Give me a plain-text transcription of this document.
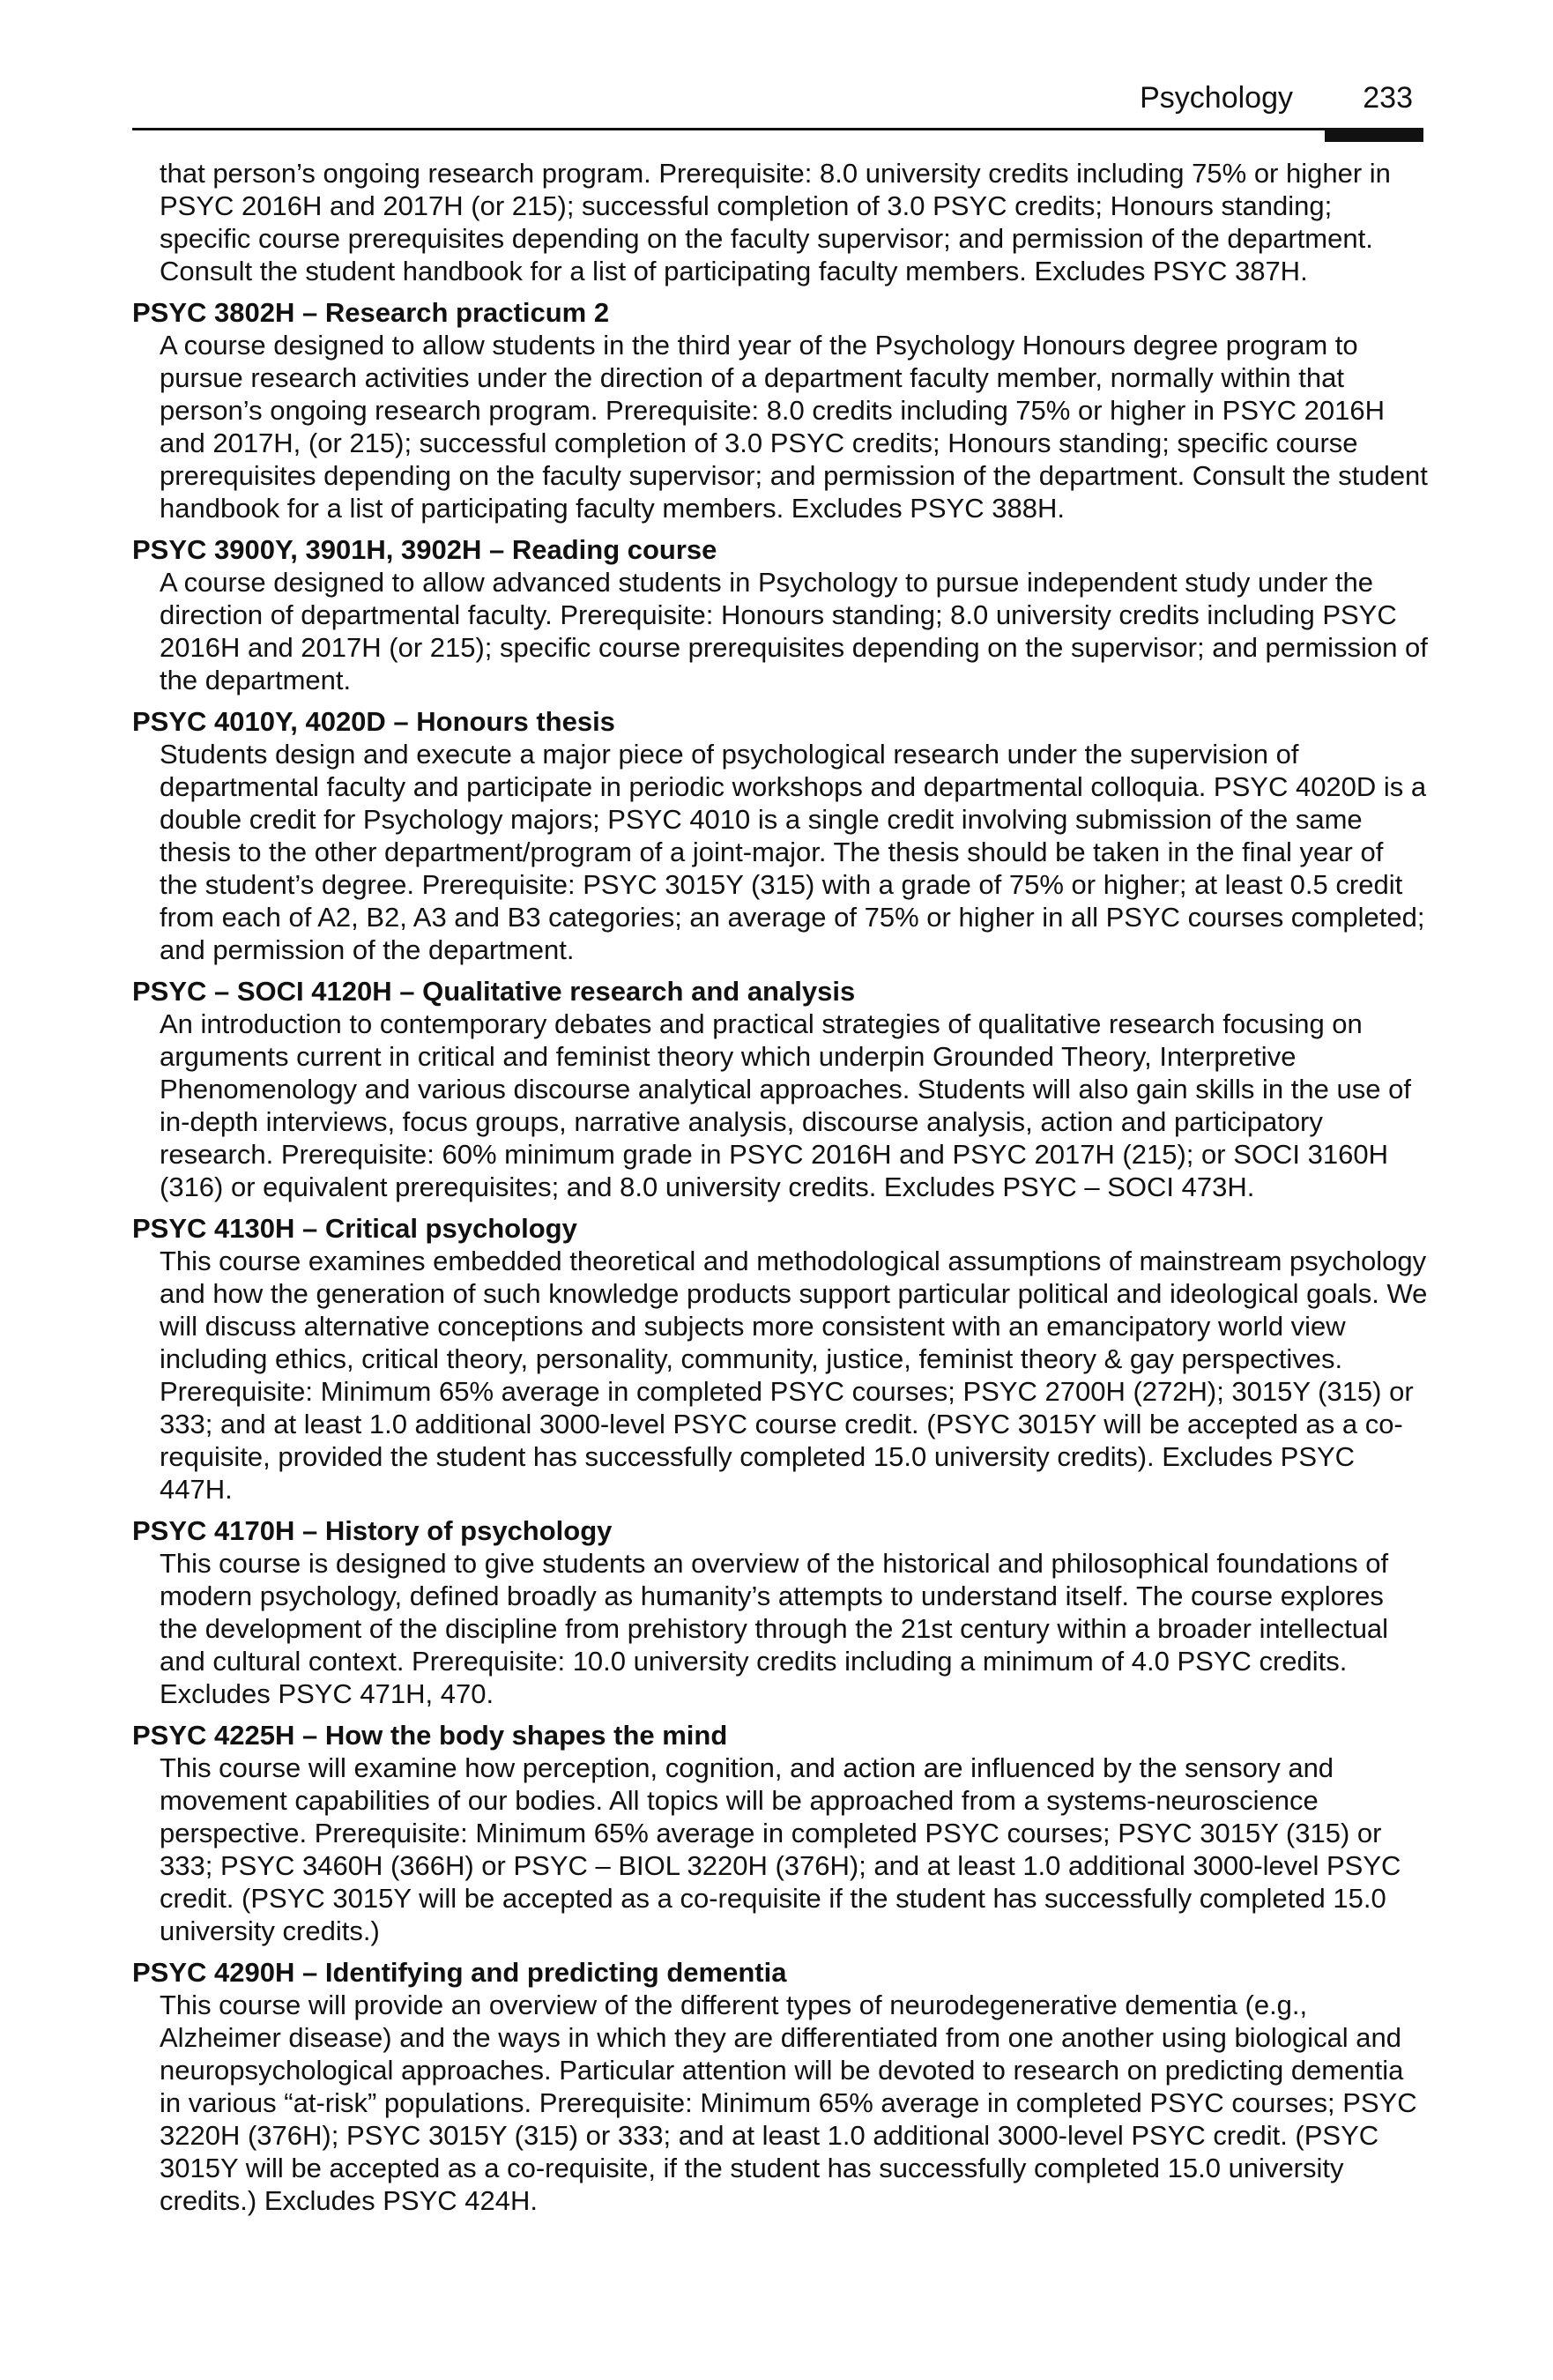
Psychology 233
that person’s ongoing research program. Prerequisite: 8.0 university credits including 75% or higher in PSYC 2016H and 2017H (or 215); successful completion of 3.0 PSYC credits; Honours standing; specific course prerequisites depending on the faculty supervisor; and permission of the department. Consult the student handbook for a list of participating faculty members. Excludes PSYC 387H.
PSYC 3802H – Research practicum 2
A course designed to allow students in the third year of the Psychology Honours degree program to pursue research activities under the direction of a department faculty member, normally within that person’s ongoing research program. Prerequisite: 8.0 credits including 75% or higher in PSYC 2016H and 2017H, (or 215); successful completion of 3.0 PSYC credits; Honours standing; specific course prerequisites depending on the faculty supervisor; and permission of the department. Consult the student handbook for a list of participating faculty members. Excludes PSYC 388H.
PSYC 3900Y, 3901H, 3902H – Reading course
A course designed to allow advanced students in Psychology to pursue independent study under the direction of departmental faculty. Prerequisite: Honours standing; 8.0 university credits including PSYC 2016H and 2017H (or 215); specific course prerequisites depending on the supervisor; and permission of the department.
PSYC 4010Y, 4020D – Honours thesis
Students design and execute a major piece of psychological research under the supervision of departmental faculty and participate in periodic workshops and departmental colloquia. PSYC 4020D is a double credit for Psychology majors; PSYC 4010 is a single credit involving submission of the same thesis to the other department/program of a joint-major. The thesis should be taken in the final year of the student’s degree. Prerequisite: PSYC 3015Y (315) with a grade of 75% or higher; at least 0.5 credit from each of A2, B2, A3 and B3 categories; an average of 75% or higher in all PSYC courses completed; and permission of the department.
PSYC – SOCI 4120H – Qualitative research and analysis
An introduction to contemporary debates and practical strategies of qualitative research focusing on arguments current in critical and feminist theory which underpin Grounded Theory, Interpretive Phenomenology and various discourse analytical approaches. Students will also gain skills in the use of in-depth interviews, focus groups, narrative analysis, discourse analysis, action and participatory research. Prerequisite: 60% minimum grade in PSYC 2016H and PSYC 2017H (215); or SOCI 3160H (316) or equivalent prerequisites; and 8.0 university credits. Excludes PSYC – SOCI 473H.
PSYC 4130H – Critical psychology
This course examines embedded theoretical and methodological assumptions of mainstream psychology and how the generation of such knowledge products support particular political and ideological goals. We will discuss alternative conceptions and subjects more consistent with an emancipatory world view including ethics, critical theory, personality, community, justice, feminist theory & gay perspectives. Prerequisite: Minimum 65% average in completed PSYC courses; PSYC 2700H (272H); 3015Y (315) or 333; and at least 1.0 additional 3000-level PSYC course credit. (PSYC 3015Y will be accepted as a co-requisite, provided the student has successfully completed 15.0 university credits). Excludes PSYC 447H.
PSYC 4170H – History of psychology
This course is designed to give students an overview of the historical and philosophical foundations of modern psychology, defined broadly as humanity’s attempts to understand itself. The course explores the development of the discipline from prehistory through the 21st century within a broader intellectual and cultural context. Prerequisite: 10.0 university credits including a minimum of 4.0 PSYC credits. Excludes PSYC 471H, 470.
PSYC 4225H – How the body shapes the mind
This course will examine how perception, cognition, and action are influenced by the sensory and movement capabilities of our bodies. All topics will be approached from a systems-neuroscience perspective. Prerequisite: Minimum 65% average in completed PSYC courses; PSYC 3015Y (315) or 333; PSYC 3460H (366H) or PSYC – BIOL 3220H (376H); and at least 1.0 additional 3000-level PSYC credit. (PSYC 3015Y will be accepted as a co-requisite if the student has successfully completed 15.0 university credits.)
PSYC 4290H – Identifying and predicting dementia
This course will provide an overview of the different types of neurodegenerative dementia (e.g., Alzheimer disease) and the ways in which they are differentiated from one another using biological and neuropsychological approaches. Particular attention will be devoted to research on predicting dementia in various “at-risk” populations. Prerequisite: Minimum 65% average in completed PSYC courses; PSYC 3220H (376H); PSYC 3015Y (315) or 333; and at least 1.0 additional 3000-level PSYC credit. (PSYC 3015Y will be accepted as a co-requisite, if the student has successfully completed 15.0 university credits.) Excludes PSYC 424H.
